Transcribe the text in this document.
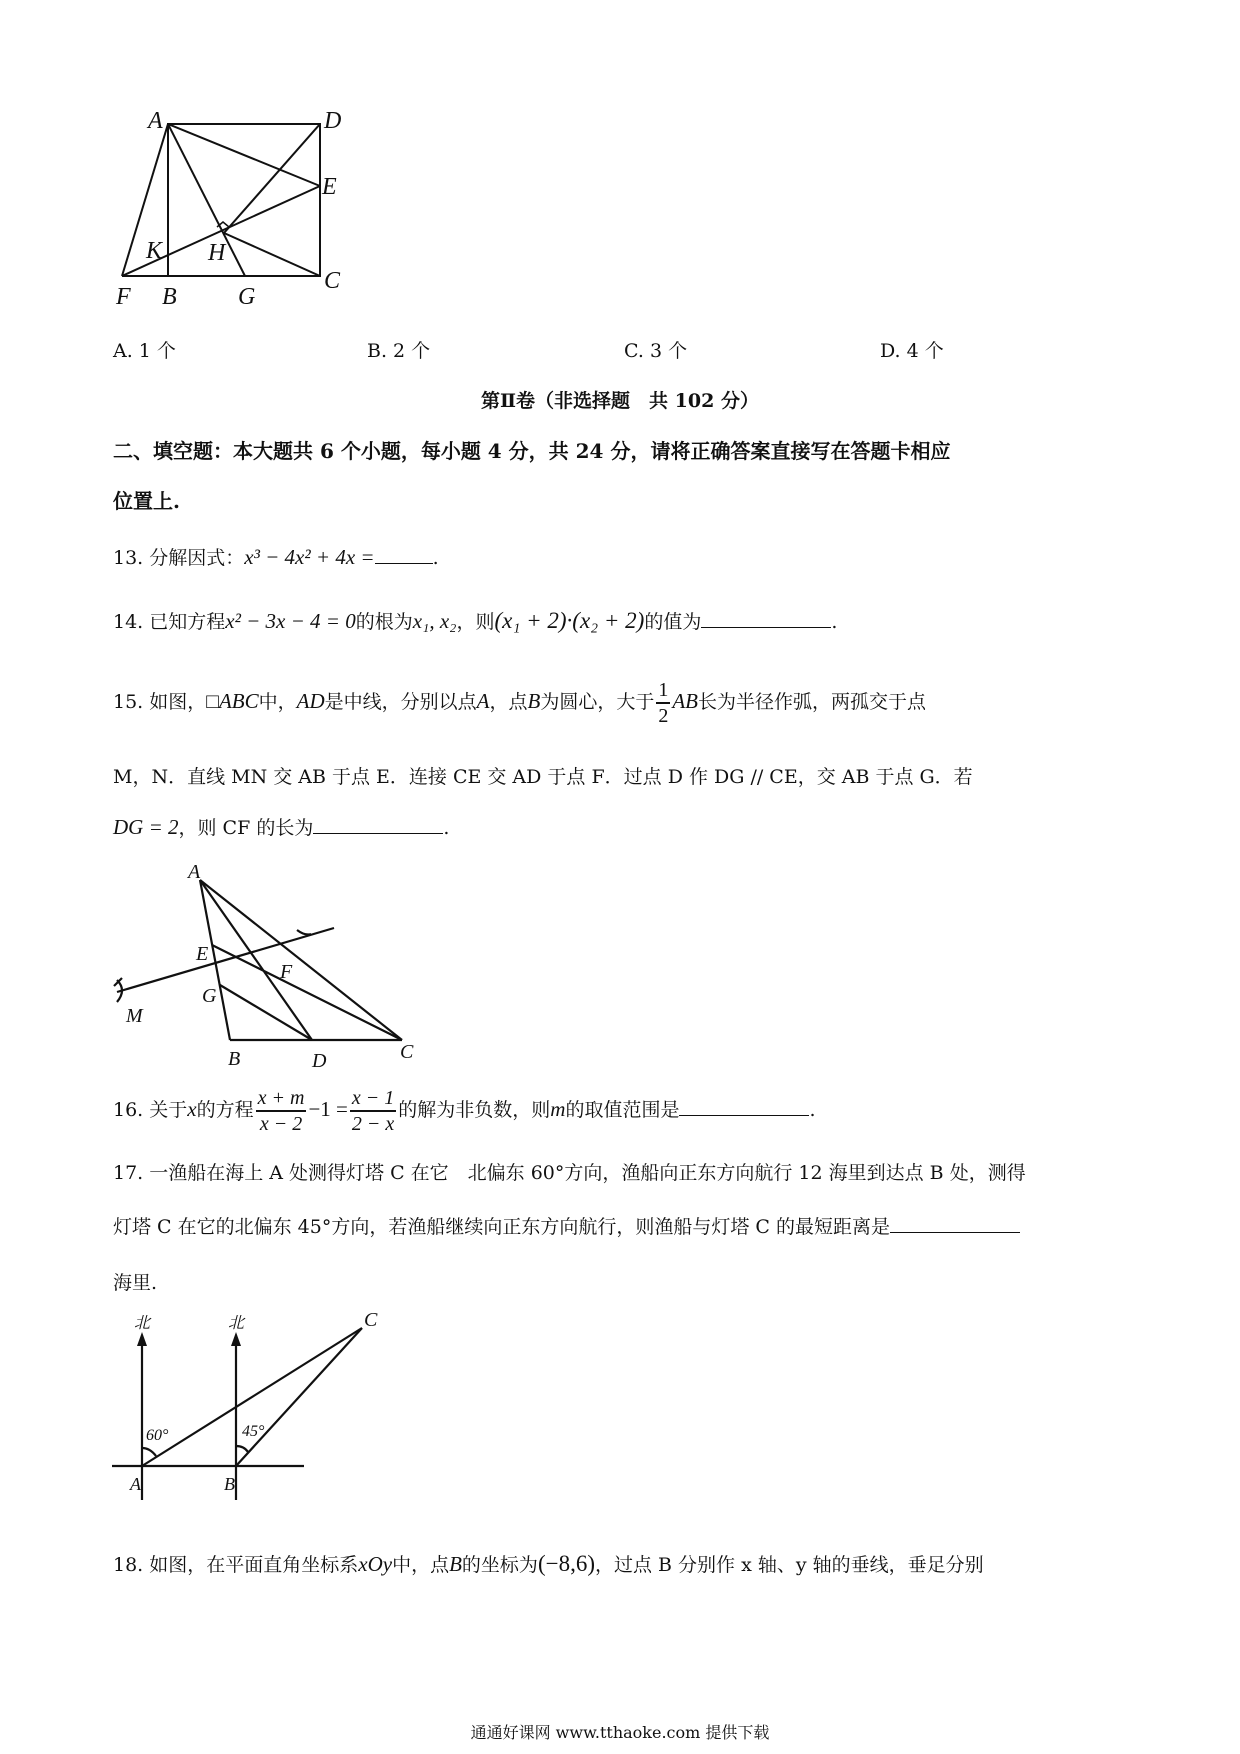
A	D
E
K H
F B	G
C
A. 1 个	B. 2 个	C. 3 个	D. 4 个
第Ⅱ卷（非选择题　共 102 分）
二、填空题：本大题共 6 个小题，每小题 4 分，共 24 分，请将正确答案直接写在答题卡相应
位置上.
13. 分解因式：x³ − 4x² + 4x =	.
14. 已知方程x² − 3x − 4 = 0的根为x₁, x₂，则(x₁ + 2)·(x₂ + 2)的值为	.
15. 如图，□ABC中，AD是中线，分别以点A，点B为圆心，大于 $\frac{1}{2}$ AB长为半径作弧，两孤交于点
M，N．直线 MN 交 AB 于点 E．连接 CE 交 AD 于点 F．过点 D 作 DG // CE，交 AB 于点 G．若
DG = 2，则 CF 的长为	.
A
E
F
G
M
B	D	C
16. 关于x的方程 $\frac{x + m}{x - 2} -1 = \frac{x - 1}{2 - x}$ 的解为非负数，则m的取值范围是	.
17. 一渔船在海上 A 处测得灯塔 C 在它　北偏东 60°方向，渔船向正东方向航行 12 海里到达点 B 处，测得
灯塔 C 在它的北偏东 45°方向，若渔船继续向正东方向航行，则渔船与灯塔 C 的最短距离是
海里.
北	北	C
60°	45°
A	B
18. 如图，在平面直角坐标系xOy中，点B的坐标为(−8,6)，过点 B 分别作 x 轴、y 轴的垂线，垂足分别
通通好课网 www.tthaoke.com 提供下载
